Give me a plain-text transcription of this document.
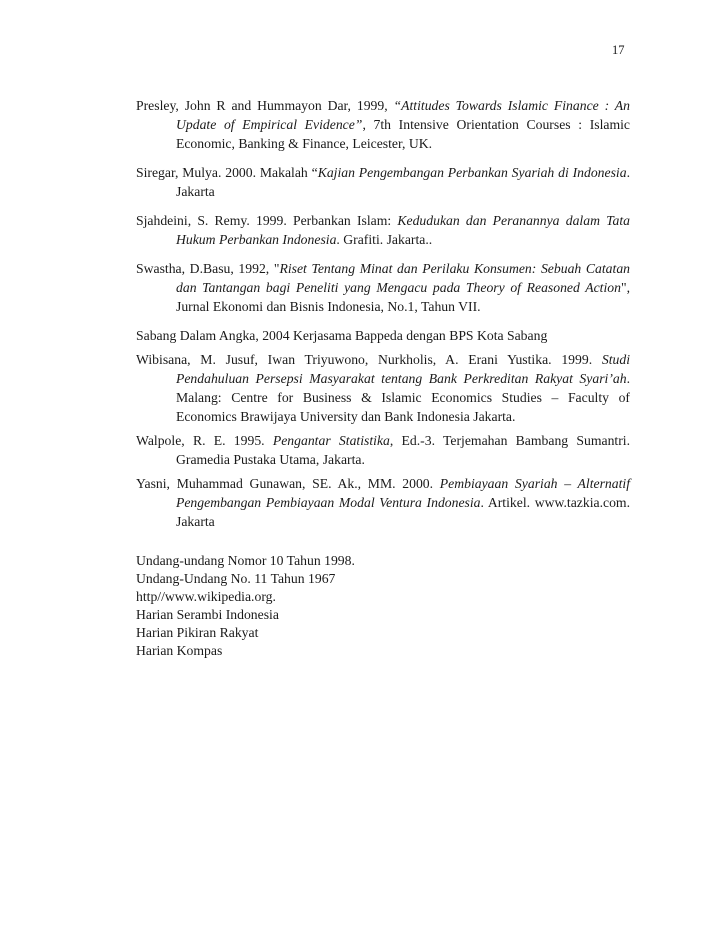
17

Presley, John R and Hummayon Dar, 1999, “Attitudes Towards Islamic Finance : An Update of Empirical Evidence”, 7th Intensive Orientation Courses : Islamic Economic, Banking & Finance, Leicester, UK.

Siregar, Mulya. 2000. Makalah “Kajian Pengembangan Perbankan Syariah di Indonesia. Jakarta

Sjahdeini, S. Remy. 1999. Perbankan Islam: Kedudukan dan Peranannya dalam Tata Hukum Perbankan Indonesia. Grafiti. Jakarta..

Swastha, D.Basu, 1992, "Riset Tentang Minat dan Perilaku Konsumen: Sebuah Catatan dan Tantangan bagi Peneliti yang Mengacu pada Theory of Reasoned Action", Jurnal Ekonomi dan Bisnis Indonesia, No.1, Tahun VII.

Sabang Dalam Angka, 2004 Kerjasama Bappeda dengan BPS Kota Sabang

Wibisana, M. Jusuf, Iwan Triyuwono, Nurkholis, A. Erani Yustika. 1999. Studi Pendahuluan Persepsi Masyarakat tentang Bank Perkreditan Rakyat Syari’ah. Malang: Centre for Business & Islamic Economics Studies – Faculty of Economics Brawijaya University dan Bank Indonesia Jakarta.

Walpole, R. E. 1995. Pengantar Statistika, Ed.-3. Terjemahan Bambang Sumantri. Gramedia Pustaka Utama, Jakarta.

Yasni, Muhammad Gunawan, SE. Ak., MM. 2000. Pembiayaan Syariah – Alternatif Pengembangan Pembiayaan Modal Ventura Indonesia. Artikel. www.tazkia.com. Jakarta

Undang-undang Nomor 10 Tahun 1998.
Undang-Undang No. 11 Tahun 1967
http//www.wikipedia.org.
Harian Serambi Indonesia
Harian Pikiran Rakyat
Harian Kompas
